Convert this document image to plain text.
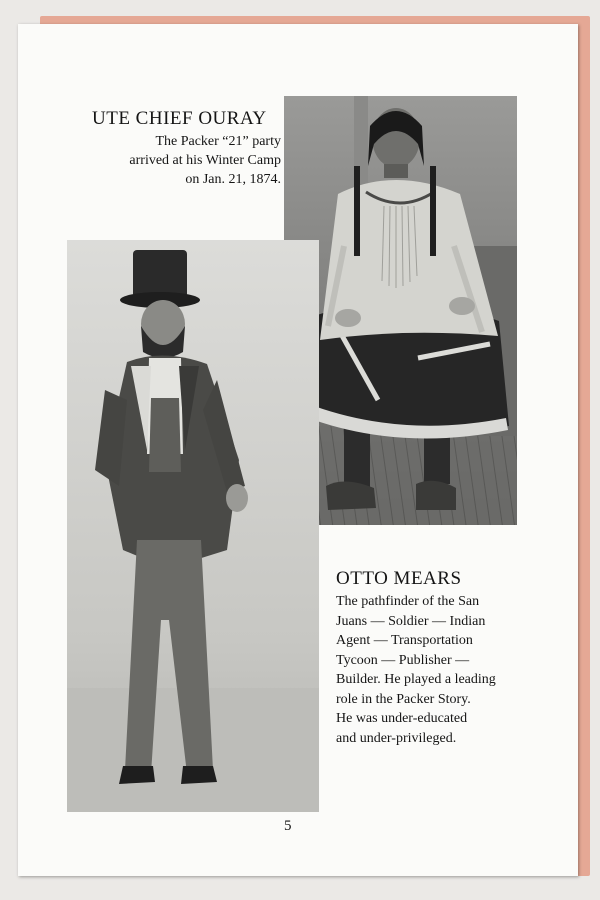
UTE CHIEF OURAY

The Packer “21” party
arrived at his Winter Camp
on Jan. 21, 1874.

OTTO MEARS

The pathfinder of the San
Juans — Soldier — Indian
Agent — Transportation
Tycoon — Publisher —
Builder. He played a leading
role in the Packer Story.
He was under-educated
and under-privileged.

5
